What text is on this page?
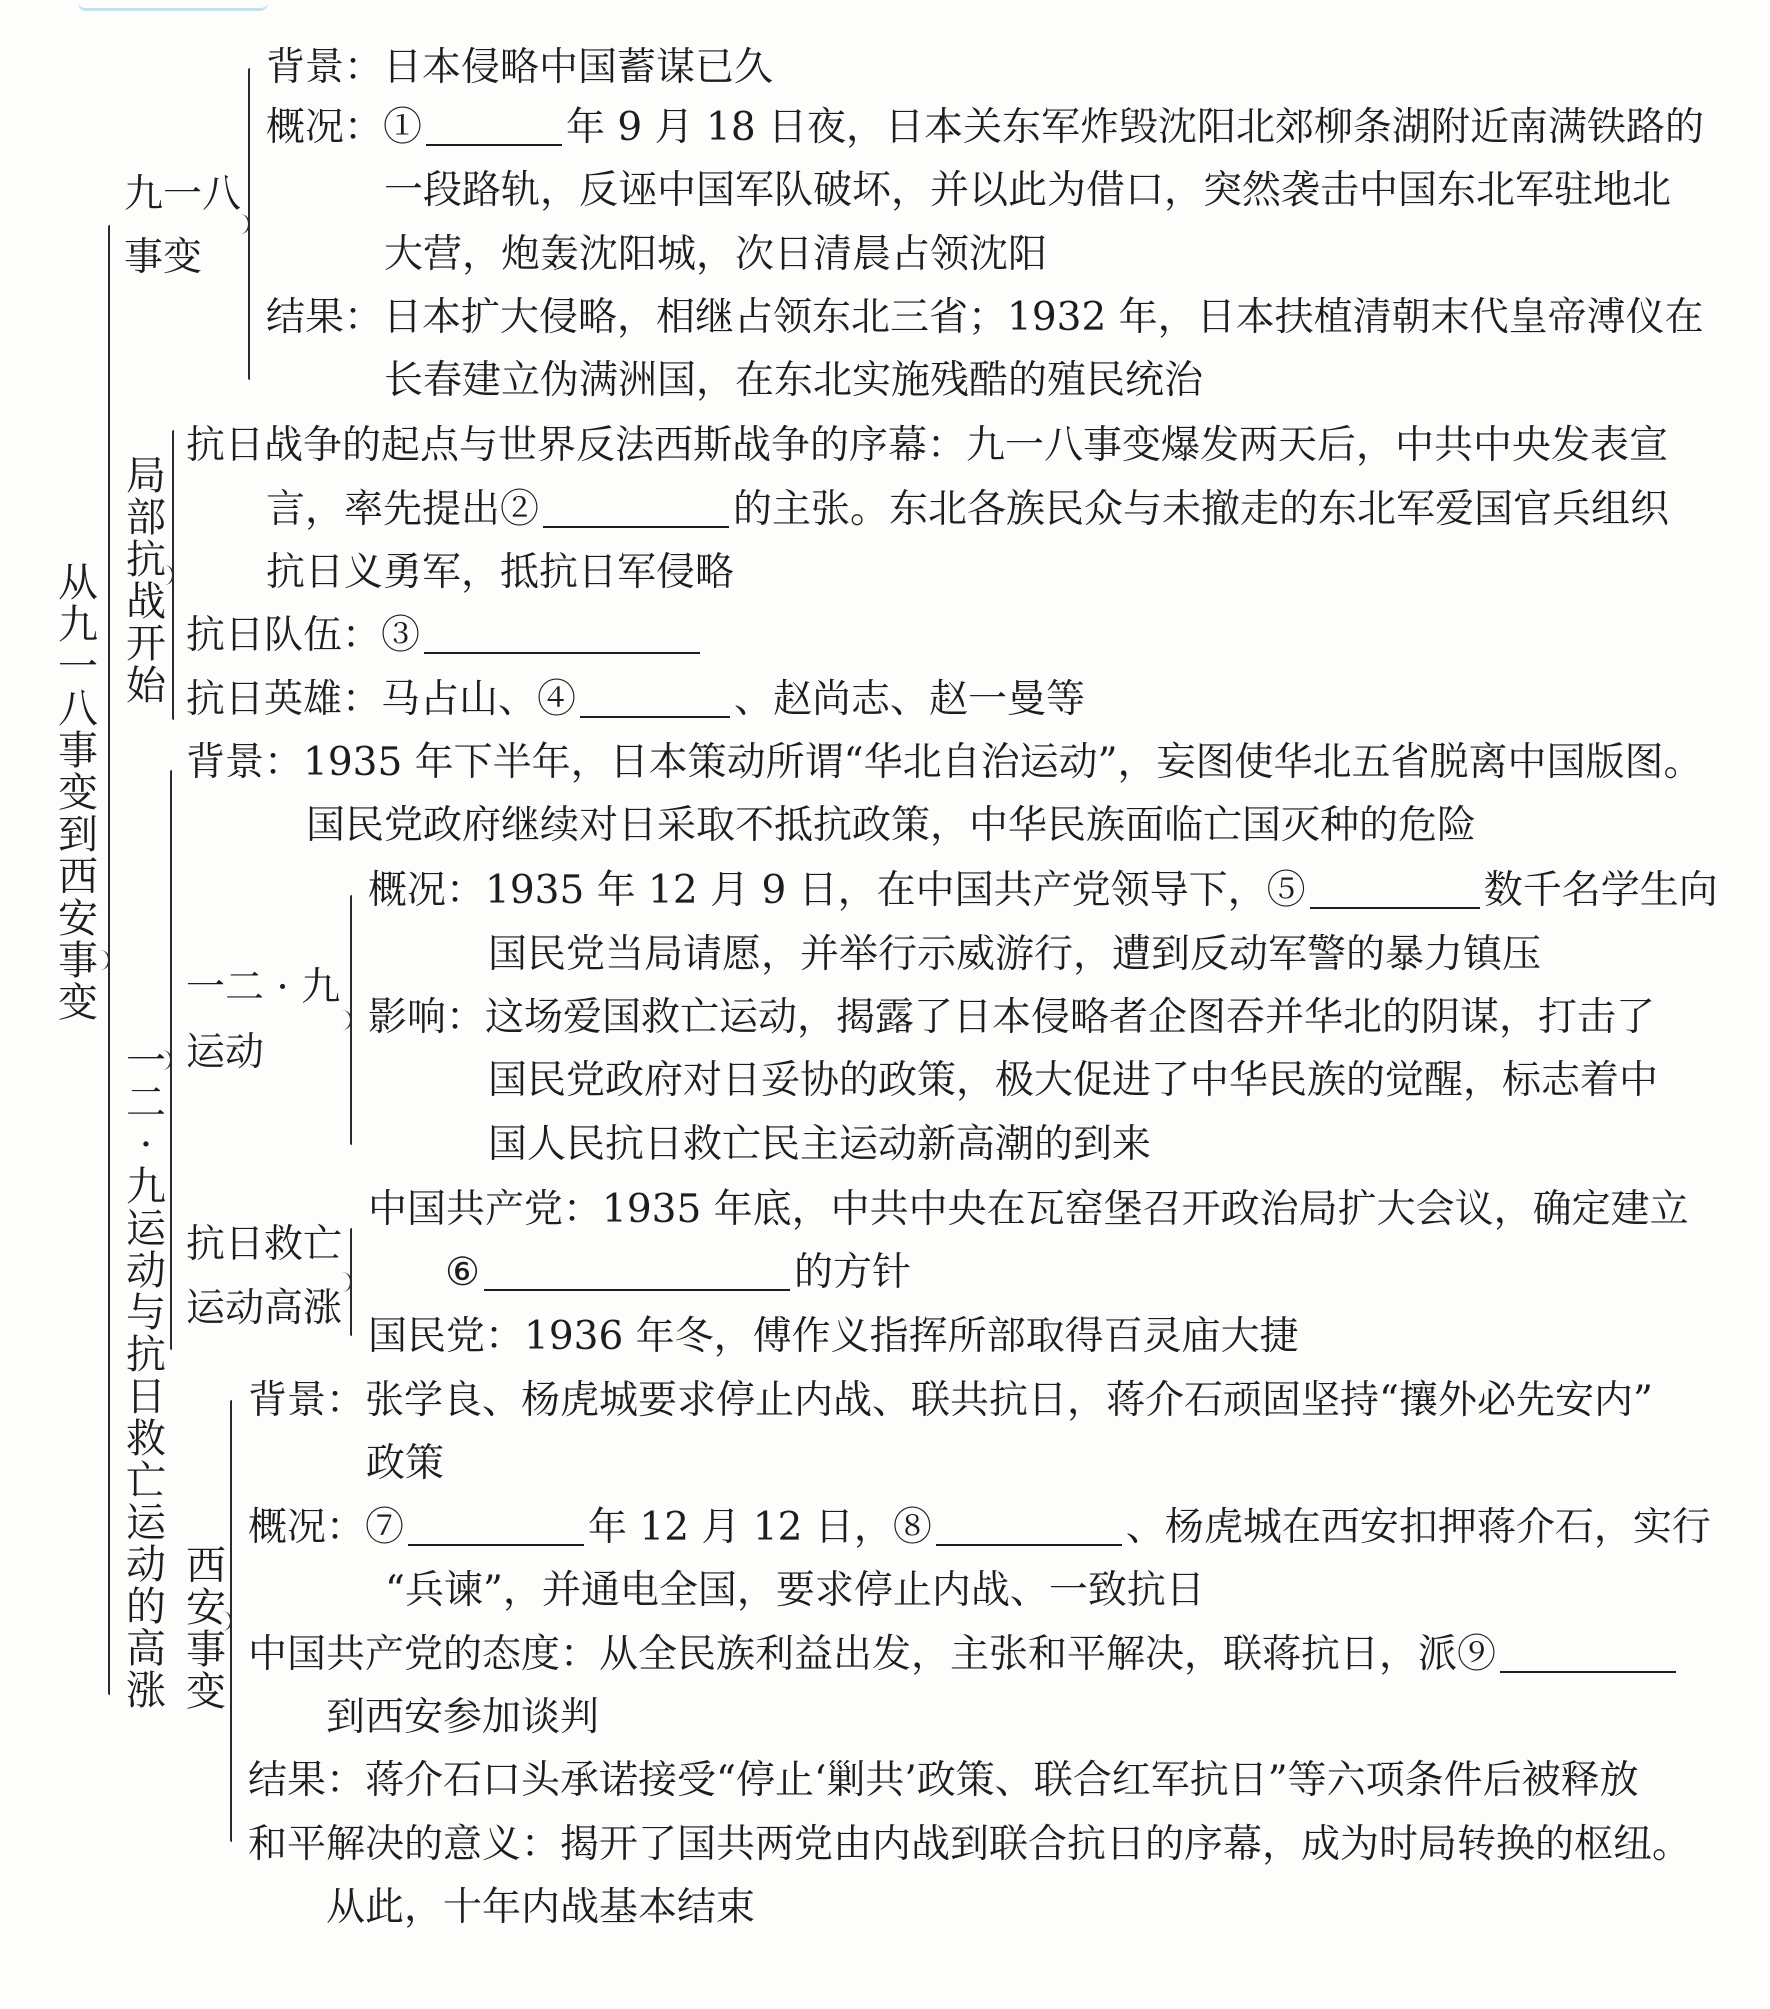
从九一八事变到西安事变
九一八
事变
背景：日本侵略中国蓄谋已久
概况：①	年 9 月 18 日夜，日本关东军炸毁沈阳北郊柳条湖附近南满铁路的
一段路轨，反诬中国军队破坏，并以此为借口，突然袭击中国东北军驻地北
大营，炮轰沈阳城，次日清晨占领沈阳
结果：日本扩大侵略，相继占领东北三省；1932 年，日本扶植清朝末代皇帝溥仪在
长春建立伪满洲国，在东北实施残酷的殖民统治
局部抗战开始
抗日战争的起点与世界反法西斯战争的序幕：九一八事变爆发两天后，中共中央发表宣
言，率先提出②	的主张。东北各族民众与未撤走的东北军爱国官兵组织
抗日义勇军，抵抗日军侵略
抗日队伍：③
抗日英雄：马占山、④	、赵尚志、赵一曼等
一二·九运动与抗日救亡运动的高涨
背景：1935 年下半年，日本策动所谓“华北自治运动”，妄图使华北五省脱离中国版图。
国民党政府继续对日采取不抵抗政策，中华民族面临亡国灭种的危险
一二 · 九
运动
概况：1935 年 12 月 9 日，在中国共产党领导下，⑤	数千名学生向
国民党当局请愿，并举行示威游行，遭到反动军警的暴力镇压
影响：这场爱国救亡运动，揭露了日本侵略者企图吞并华北的阴谋，打击了
国民党政府对日妥协的政策，极大促进了中华民族的觉醒，标志着中
国人民抗日救亡民主运动新高潮的到来
抗日救亡
运动高涨
中国共产党：1935 年底，中共中央在瓦窑堡召开政治局扩大会议，确定建立
⑥	的方针
国民党：1936 年冬，傅作义指挥所部取得百灵庙大捷
西安事变
背景：张学良、杨虎城要求停止内战、联共抗日，蒋介石顽固坚持“攘外必先安内”
政策
概况：⑦	年 12 月 12 日，⑧	、杨虎城在西安扣押蒋介石，实行
“兵谏”，并通电全国，要求停止内战、一致抗日
中国共产党的态度：从全民族利益出发，主张和平解决，联蒋抗日，派⑨
到西安参加谈判
结果：蒋介石口头承诺接受“停止‘剿共’政策、联合红军抗日”等六项条件后被释放
和平解决的意义：揭开了国共两党由内战到联合抗日的序幕，成为时局转换的枢纽。
从此，十年内战基本结束
